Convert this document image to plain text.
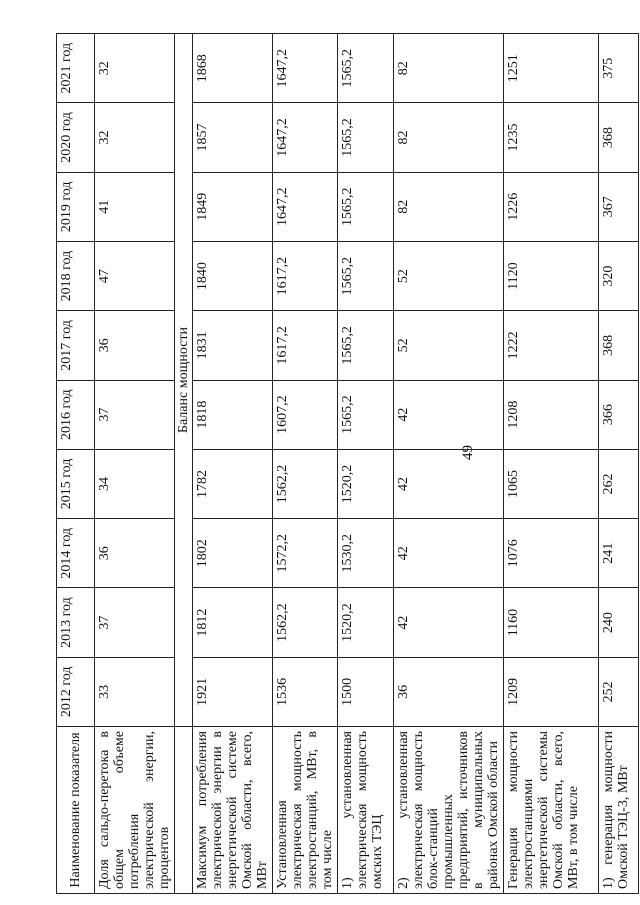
49
Наименование показателя	2012 год	2013 год	2014 год	2015 год	2016 год	2017 год	2018 год	2019 год	2020 год	2021 год
Доля сальдо-перетока в общем объеме потребления электрической энергии, процентов	33	37	36	34	37	36	47	41	32	32
	Баланс мощности									
Максимум потребления электрической энергии в энергетической системе Омской области, всего, МВт	1921	1812	1802	1782	1818	1831	1840	1849	1857	1868
Установленная электрическая мощность электростанций, МВт, в том числе	1536	1562,2	1572,2	1562,2	1607,2	1617,2	1617,2	1647,2	1647,2	1647,2
1) установленная электрическая мощность омских ТЭЦ	1500	1520,2	1530,2	1520,2	1565,2	1565,2	1565,2	1565,2	1565,2	1565,2
2) установленная электрическая мощность блок-станций промышленных предприятий, источников в муниципальных районах Омской области	36	42	42	42	42	52	52	82	82	82
Генерация мощности электростанциями энергетической системы Омской области, всего, МВт, в том числе	1209	1160	1076	1065	1208	1222	1120	1226	1235	1251
1) генерация мощности Омской ТЭЦ-3, МВт	252	240	241	262	366	368	320	367	368	375
